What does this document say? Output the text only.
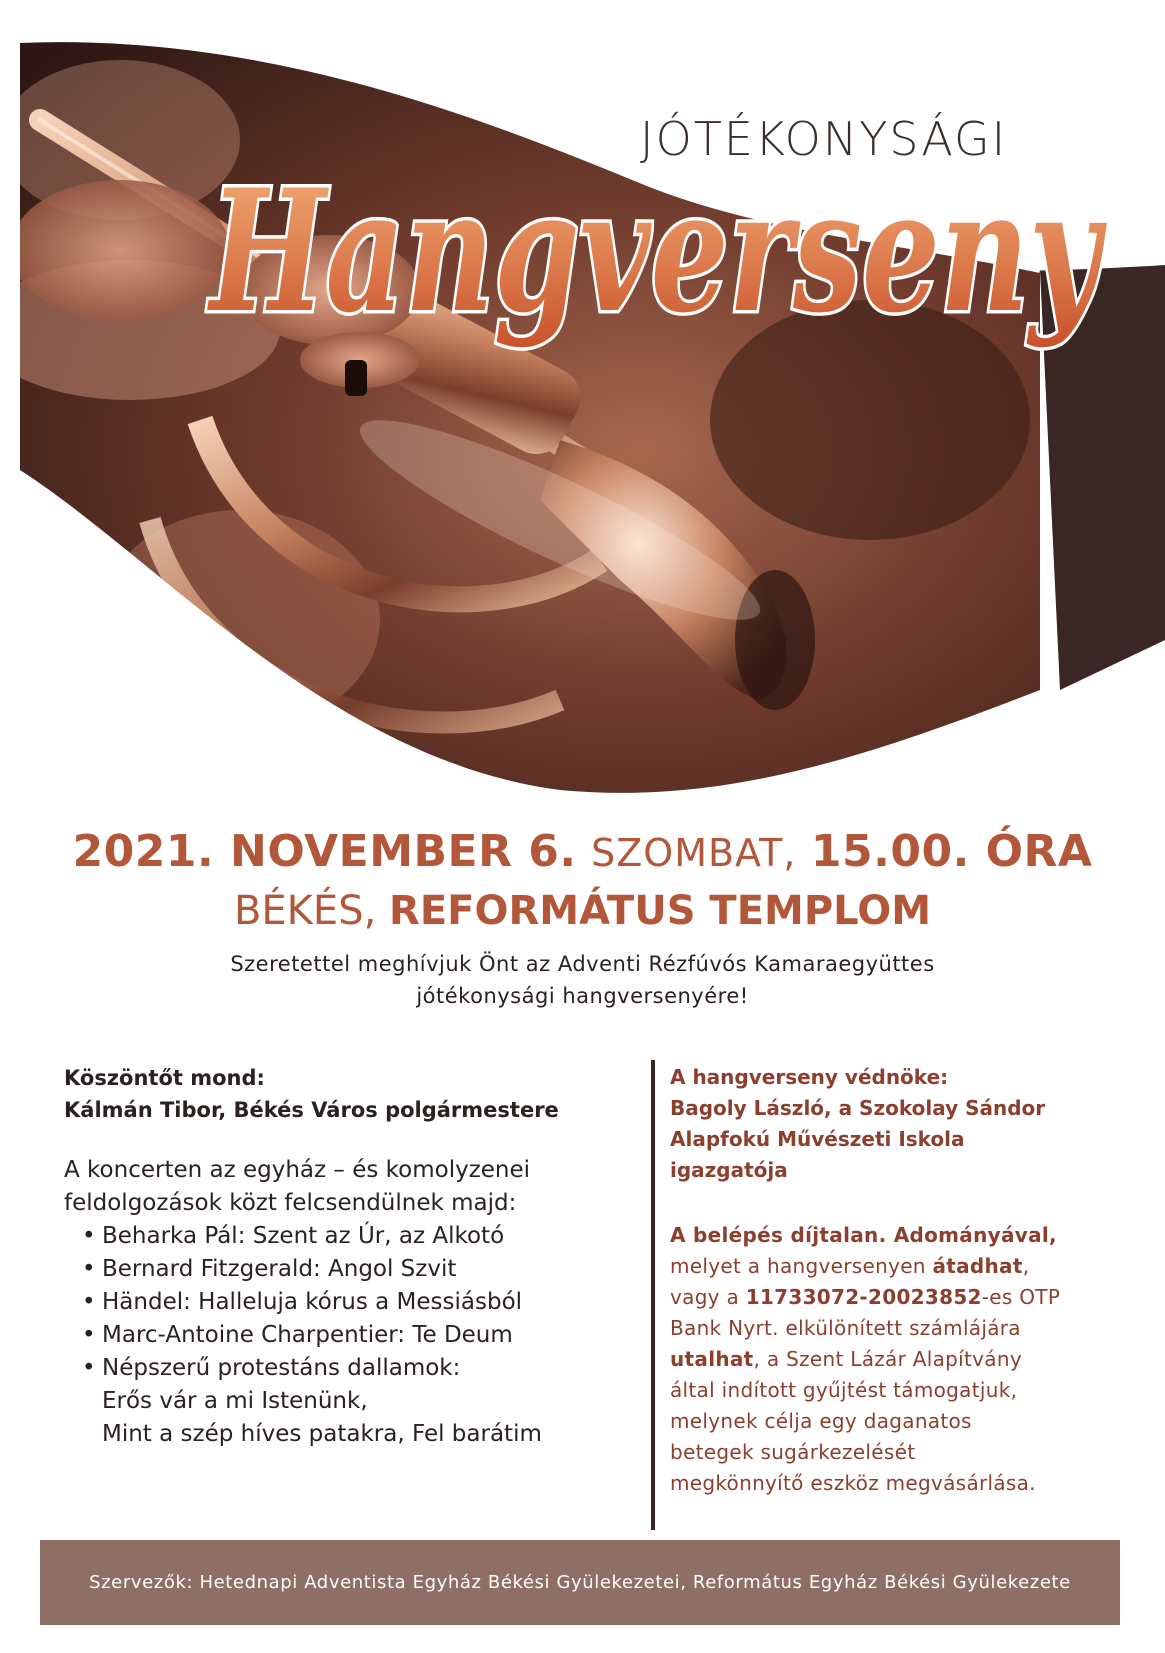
JÓTÉKONYSÁGI
Hangverseny
2021. NOVEMBER 6. SZOMBAT, 15.00. ÓRA
BÉKÉS, REFORMÁTUS TEMPLOM
Szeretettel meghívjuk Önt az Adventi Rézfúvós Kamaraegyüttes
jótékonysági hangversenyére!
Köszöntőt mond:
Kálmán Tibor, Békés Város polgármestere
A koncerten az egyház – és komolyzenei
feldolgozások közt felcsendülnek majd:
• Beharka Pál: Szent az Úr, az Alkotó
• Bernard Fitzgerald: Angol Szvit
• Händel: Halleluja kórus a Messiásból
• Marc-Antoine Charpentier: Te Deum
• Népszerű protestáns dallamok:
Erős vár a mi Istenünk,
Mint a szép híves patakra, Fel barátim
A hangverseny védnöke:
Bagoly László, a Szokolay Sándor
Alapfokú Művészeti Iskola
igazgatója
A belépés díjtalan. Adományával,
melyet a hangversenyen átadhat,
vagy a 11733072-20023852-es OTP
Bank Nyrt. elkülönített számlájára
utalhat, a Szent Lázár Alapítvány
által indított gyűjtést támogatjuk,
melynek célja egy daganatos
betegek sugárkezelését
megkönnyítő eszköz megvásárlása.
Szervezők: Hetednapi Adventista Egyház Békési Gyülekezetei, Református Egyház Békési Gyülekezete
